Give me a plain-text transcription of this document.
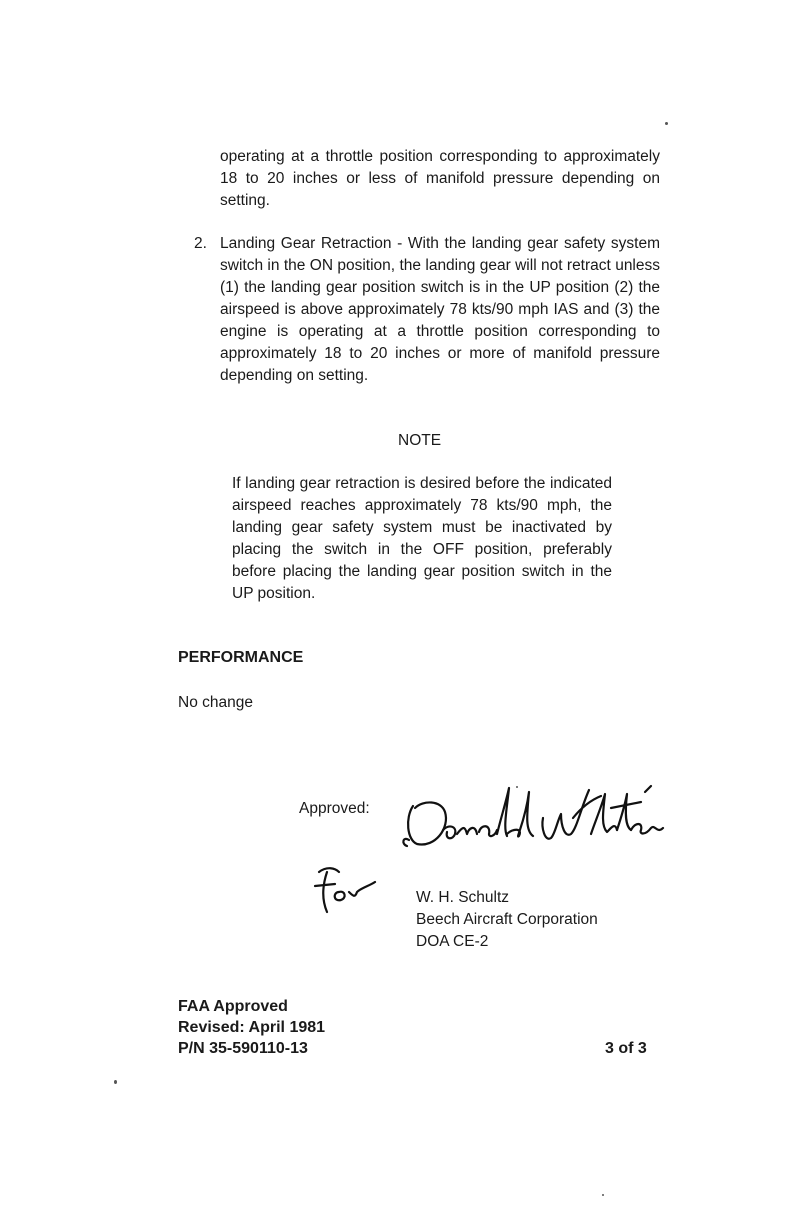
operating at a throttle position corresponding to approximately 18 to 20 inches or less of manifold pressure depending on setting.

2. Landing Gear Retraction - With the landing gear safety system switch in the ON position, the landing gear will not retract unless (1) the landing gear position switch is in the UP position (2) the airspeed is above approximately 78 kts/90 mph IAS and (3) the engine is operating at a throttle position corresponding to approximately 18 to 20 inches or more of manifold pressure depending on setting.

NOTE

If landing gear retraction is desired before the indicated airspeed reaches approximately 78 kts/90 mph, the landing gear safety system must be inactivated by placing the switch in the OFF position, preferably before placing the landing gear position switch in the UP position.

PERFORMANCE
No change
Approved:
W. H. Schultz
Beech Aircraft Corporation
DOA CE-2
FAA Approved
Revised: April 1981
P/N 35-590110-13	3 of 3
